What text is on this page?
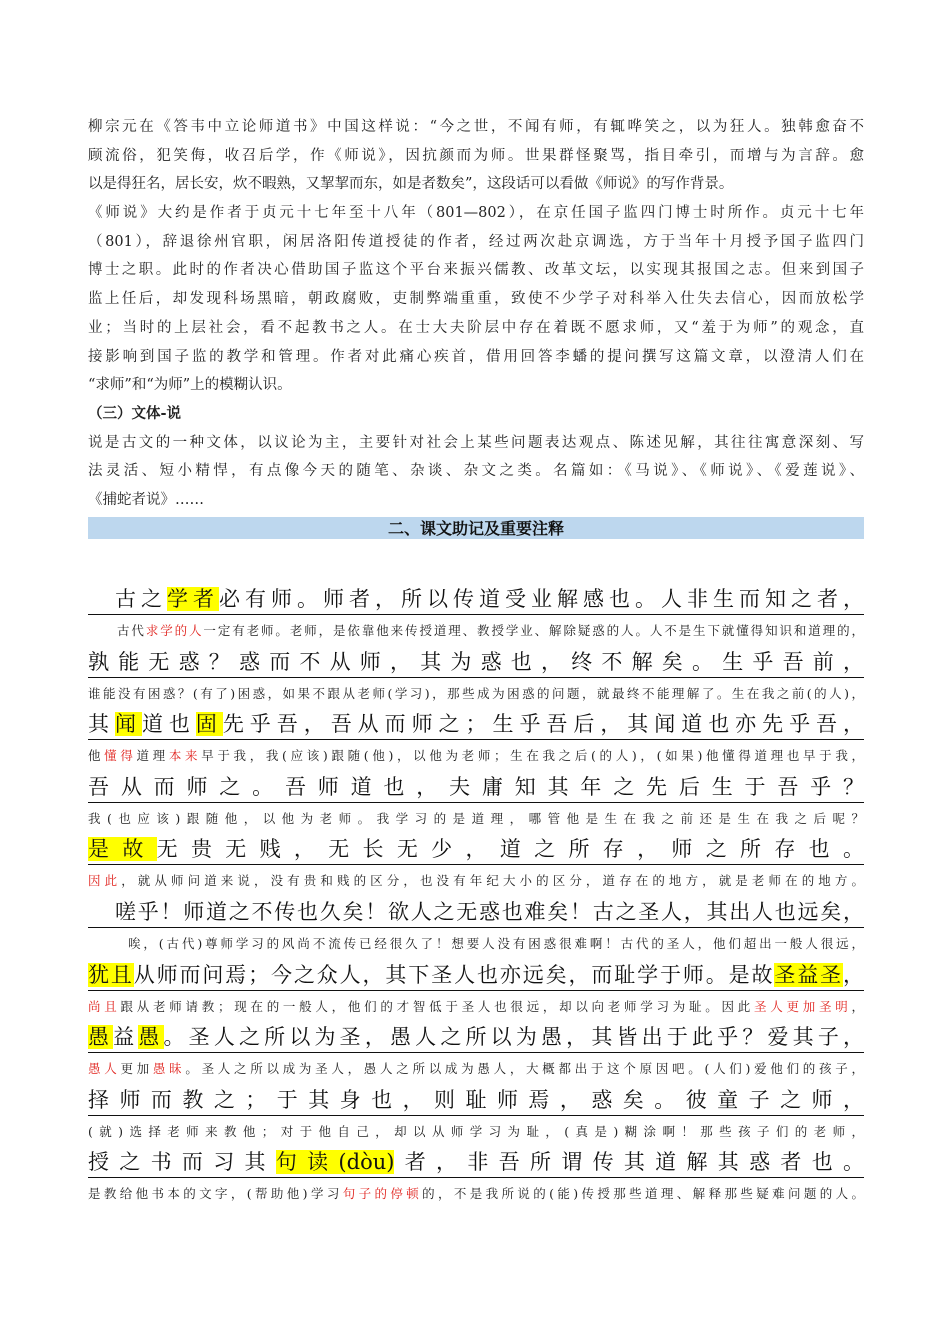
柳宗元在《答韦中立论师道书》中国这样说：“今之世，不闻有师，有辄哗笑之，以为狂人。独韩愈奋不
顾流俗，犯笑侮，收召后学，作《师说》，因抗颜而为师。世果群怪聚骂，指目牵引，而增与为言辞。愈
以是得狂名，居长安，炊不暇熟，又挈挈而东，如是者数矣”，这段话可以看做《师说》的写作背景。
《师说》大约是作者于贞元十七年至十八年（801—802），在京任国子监四门博士时所作。贞元十七年
（801），辞退徐州官职，闲居洛阳传道授徒的作者，经过两次赴京调选，方于当年十月授予国子监四门
博士之职。此时的作者决心借助国子监这个平台来振兴儒教、改革文坛，以实现其报国之志。但来到国子
监上任后，却发现科场黑暗，朝政腐败，吏制弊端重重，致使不少学子对科举入仕失去信心，因而放松学
业；当时的上层社会，看不起教书之人。在士大夫阶层中存在着既不愿求师，又“羞于为师”的观念，直
接影响到国子监的教学和管理。作者对此痛心疾首，借用回答李蟠的提问撰写这篇文章，以澄清人们在
“求师”和“为师”上的模糊认识。
（三）文体-说
说是古文的一种文体，以议论为主，主要针对社会上某些问题表达观点、陈述见解，其往往寓意深刻、写
法灵活、短小精悍，有点像今天的随笔、杂谈、杂文之类。名篇如：《马说》、《师说》、《爱莲说》、
《捕蛇者说》……
二、课文助记及重要注释
古之学者必有师。师者，所以传道受业解感也。人非生而知之者，
古代求学的人一定有老师。老师，是依靠他来传授道理、教授学业、解除疑惑的人。人不是生下就懂得知识和道理的，
孰能无惑？惑而不从师，其为惑也，终不解矣。生乎吾前，
谁能没有困惑？(有了)困惑，如果不跟从老师(学习)，那些成为困惑的问题，就最终不能理解了。生在我之前(的人)，
其闻道也固先乎吾，吾从而师之；生乎吾后，其闻道也亦先乎吾，
他懂得道理本来早于我，我(应该)跟随(他)，以他为老师；生在我之后(的人)，(如果)他懂得道理也早于我，
吾从而师之。吾师道也，夫庸知其年之先后生于吾乎？
我(也应该)跟随他，以他为老师。我学习的是道理，哪管他是生在我之前还是生在我之后呢？
是故无贵无贱，无长无少，道之所存，师之所存也。
因此，就从师问道来说，没有贵和贱的区分，也没有年纪大小的区分，道存在的地方，就是老师在的地方。
嗟乎！师道之不传也久矣！欲人之无惑也难矣！古之圣人，其出人也远矣，
唉，(古代)尊师学习的风尚不流传已经很久了！想要人没有困惑很难啊！古代的圣人，他们超出一般人很远，
犹且从师而问焉；今之众人，其下圣人也亦远矣，而耻学于师。是故圣益圣，
尚且跟从老师请教；现在的一般人，他们的才智低于圣人也很远，却以向老师学习为耻。因此圣人更加圣明，
愚益愚。圣人之所以为圣，愚人之所以为愚，其皆出于此乎？爱其子，
愚人更加愚昧。圣人之所以成为圣人，愚人之所以成为愚人，大概都出于这个原因吧。(人们)爱他们的孩子，
择师而教之；于其身也，则耻师焉，惑矣。彼童子之师，
(就)选择老师来教他；对于他自己，却以从师学习为耻，(真是)糊涂啊！那些孩子们的老师，
授之书而习其句读(dòu)者，非吾所谓传其道解其惑者也。
是教给他书本的文字，(帮助他)学习句子的停顿的，不是我所说的(能)传授那些道理、解释那些疑难问题的人。
